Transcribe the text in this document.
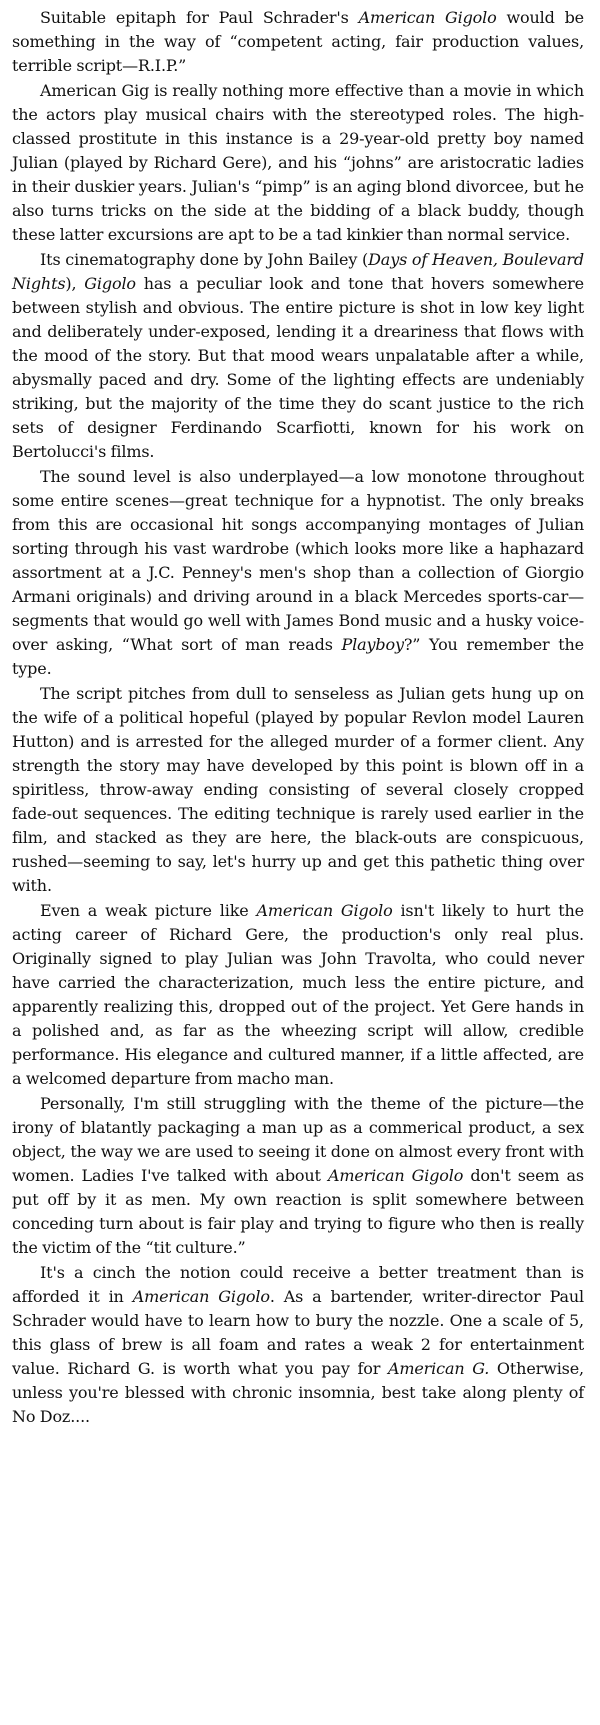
Suitable epitaph for Paul Schrader's American Gigolo would be something in the way of “competent acting, fair production values, terrible script—R.I.P.”

American Gig is really nothing more effective than a movie in which the actors play musical chairs with the stereotyped roles. The high-classed prostitute in this instance is a 29-year-old pretty boy named Julian (played by Richard Gere), and his “johns” are aristocratic ladies in their duskier years. Julian's “pimp” is an aging blond divorcee, but he also turns tricks on the side at the bidding of a black buddy, though these latter excursions are apt to be a tad kinkier than normal service.

Its cinematography done by John Bailey (Days of Heaven, Boulevard Nights), Gigolo has a peculiar look and tone that hovers somewhere between stylish and obvious. The entire picture is shot in low key light and deliberately under-exposed, lending it a dreariness that flows with the mood of the story. But that mood wears unpalatable after a while, abysmally paced and dry. Some of the lighting effects are undeniably striking, but the majority of the time they do scant justice to the rich sets of designer Ferdinando Scarfiotti, known for his work on Bertolucci's films.

The sound level is also underplayed—a low monotone throughout some entire scenes—great technique for a hypnotist. The only breaks from this are occasional hit songs accompanying montages of Julian sorting through his vast wardrobe (which looks more like a haphazard assortment at a J.C. Penney's men's shop than a collection of Giorgio Armani originals) and driving around in a black Mercedes sports-car—segments that would go well with James Bond music and a husky voice-over asking, “What sort of man reads Playboy?” You remember the type.

The script pitches from dull to senseless as Julian gets hung up on the wife of a political hopeful (played by popular Revlon model Lauren Hutton) and is arrested for the alleged murder of a former client. Any strength the story may have developed by this point is blown off in a spiritless, throw-away ending consisting of several closely cropped fade-out sequences. The editing technique is rarely used earlier in the film, and stacked as they are here, the black-outs are conspicuous, rushed—seeming to say, let's hurry up and get this pathetic thing over with.

Even a weak picture like American Gigolo isn't likely to hurt the acting career of Richard Gere, the production's only real plus. Originally signed to play Julian was John Travolta, who could never have carried the characterization, much less the entire picture, and apparently realizing this, dropped out of the project. Yet Gere hands in a polished and, as far as the wheezing script will allow, credible performance. His elegance and cultured manner, if a little affected, are a welcomed departure from macho man.

Personally, I'm still struggling with the theme of the picture—the irony of blatantly packaging a man up as a commerical product, a sex object, the way we are used to seeing it done on almost every front with women. Ladies I've talked with about American Gigolo don't seem as put off by it as men. My own reaction is split somewhere between conceding turn about is fair play and trying to figure who then is really the victim of the “tit culture.”

It's a cinch the notion could receive a better treatment than is afforded it in American Gigolo. As a bartender, writer-director Paul Schrader would have to learn how to bury the nozzle. One a scale of 5, this glass of brew is all foam and rates a weak 2 for entertainment value. Richard G. is worth what you pay for American G. Otherwise, unless you're blessed with chronic insomnia, best take along plenty of No Doz....
